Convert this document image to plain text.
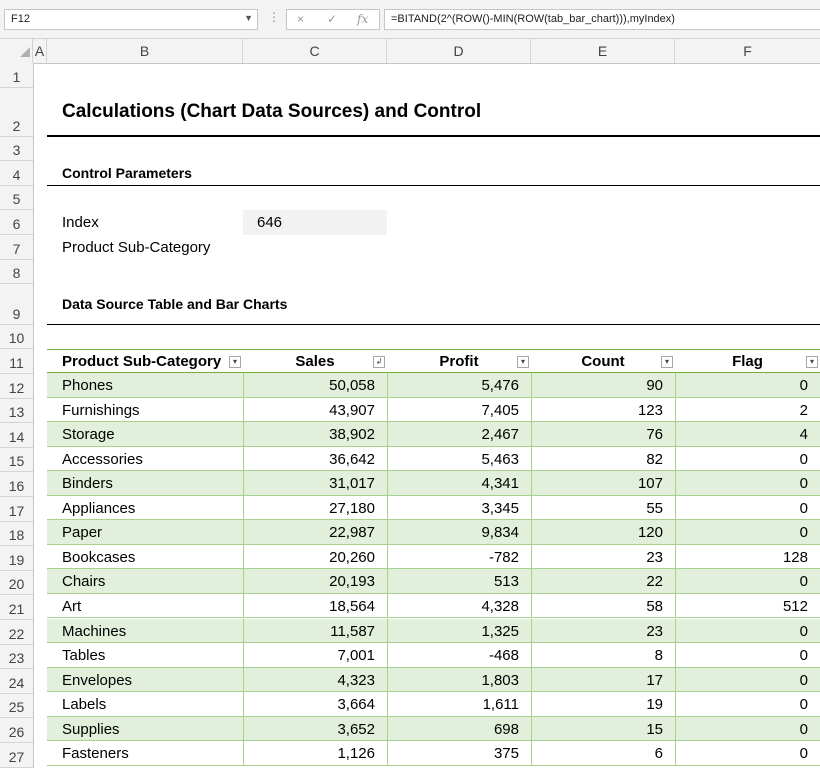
F12	▼ ⋮ × ✓ fx	=BITAND(2^(ROW()-MIN(ROW(tab_bar_chart))),myIndex)
A	B	C	D	E	F
1
2
3
4
5
6
7
8
9
10
11
12
13
14
15
16
17
18
19
20
21
22
23
24
25
26
27
Calculations (Chart Data Sources) and Control
Control Parameters
Index	646
Product Sub-Category
Data Source Table and Bar Charts
Product Sub-Category	▾	Sales	↲	Profit	▾	Count	▾	Flag	▾
Phones	50,058	5,476	90	0
Furnishings	43,907	7,405	123	2
Storage	38,902	2,467	76	4
Accessories	36,642	5,463	82	0
Binders	31,017	4,341	107	0
Appliances	27,180	3,345	55	0
Paper	22,987	9,834	120	0
Bookcases	20,260	-782	23	128
Chairs	20,193	513	22	0
Art	18,564	4,328	58	512
Machines	11,587	1,325	23	0
Tables	7,001	-468	8	0
Envelopes	4,323	1,803	17	0
Labels	3,664	1,611	19	0
Supplies	3,652	698	15	0
Fasteners	1,126	375	6	0
